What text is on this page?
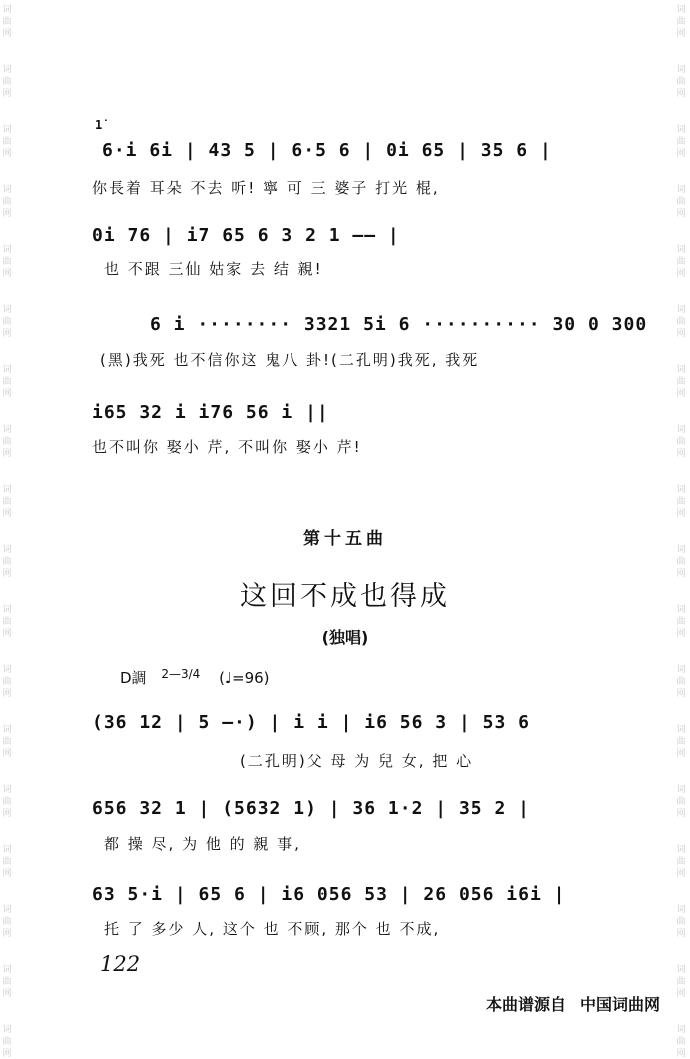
词
曲
网
词
曲
网
词
曲
网
词
曲
网
词
曲
网
词
曲
网
词
曲
网
词
曲
网
词
曲
网
词
曲
网
词
曲
网
词
曲
网
词
曲
网
词
曲
网
词
曲
网
词
曲
网
词
曲
网
词
曲
网
词
曲
网
词
曲
网
词
曲
网
词
曲
网
词
曲
网
词
曲
网
词
曲
网
词
曲
网
词
曲
网
词
曲
网
词
曲
网
词
曲
网
词
曲
网
词
曲
网
词
曲
网
词
曲
网
词
曲
网
词
曲
网
1̇
6·i 6i | 43 5 | 6·5 6 | 0i 65 | 35 6 |
你長着 耳朵 不去 听! 寧 可 三 婆子 打光 棍,
0i 76 | i7 65 6 3 2 1 —— |
也 不跟 三仙 姑家 去 结 親!
6 i ········ 3321 5i 6 ·········· 30 0 300
(黑)我死 也不信你这 鬼八 卦!(二孔明)我死, 我死
i65 32 i i76 56 i ||
也不叫你 娶小 芹, 不叫你 娶小 芹!
第十五曲
这回不成也得成
(独唱)
D調 $^{2—3/4}$ (♩=96)
(36 12 | 5 —·) | i i | i6 56 3 | 53 6
(二孔明)父 母 为 兒 女, 把 心
656 32 1 | (5632 1) | 36 1·2 | 35 2 |
都 操 尽, 为 他 的 親 事,
63 5·i | 65 6 | i6 056 53 | 26 056 i6i |
托 了 多少 人, 这个 也 不顾, 那个 也 不成,
122
本曲谱源自 中国词曲网
